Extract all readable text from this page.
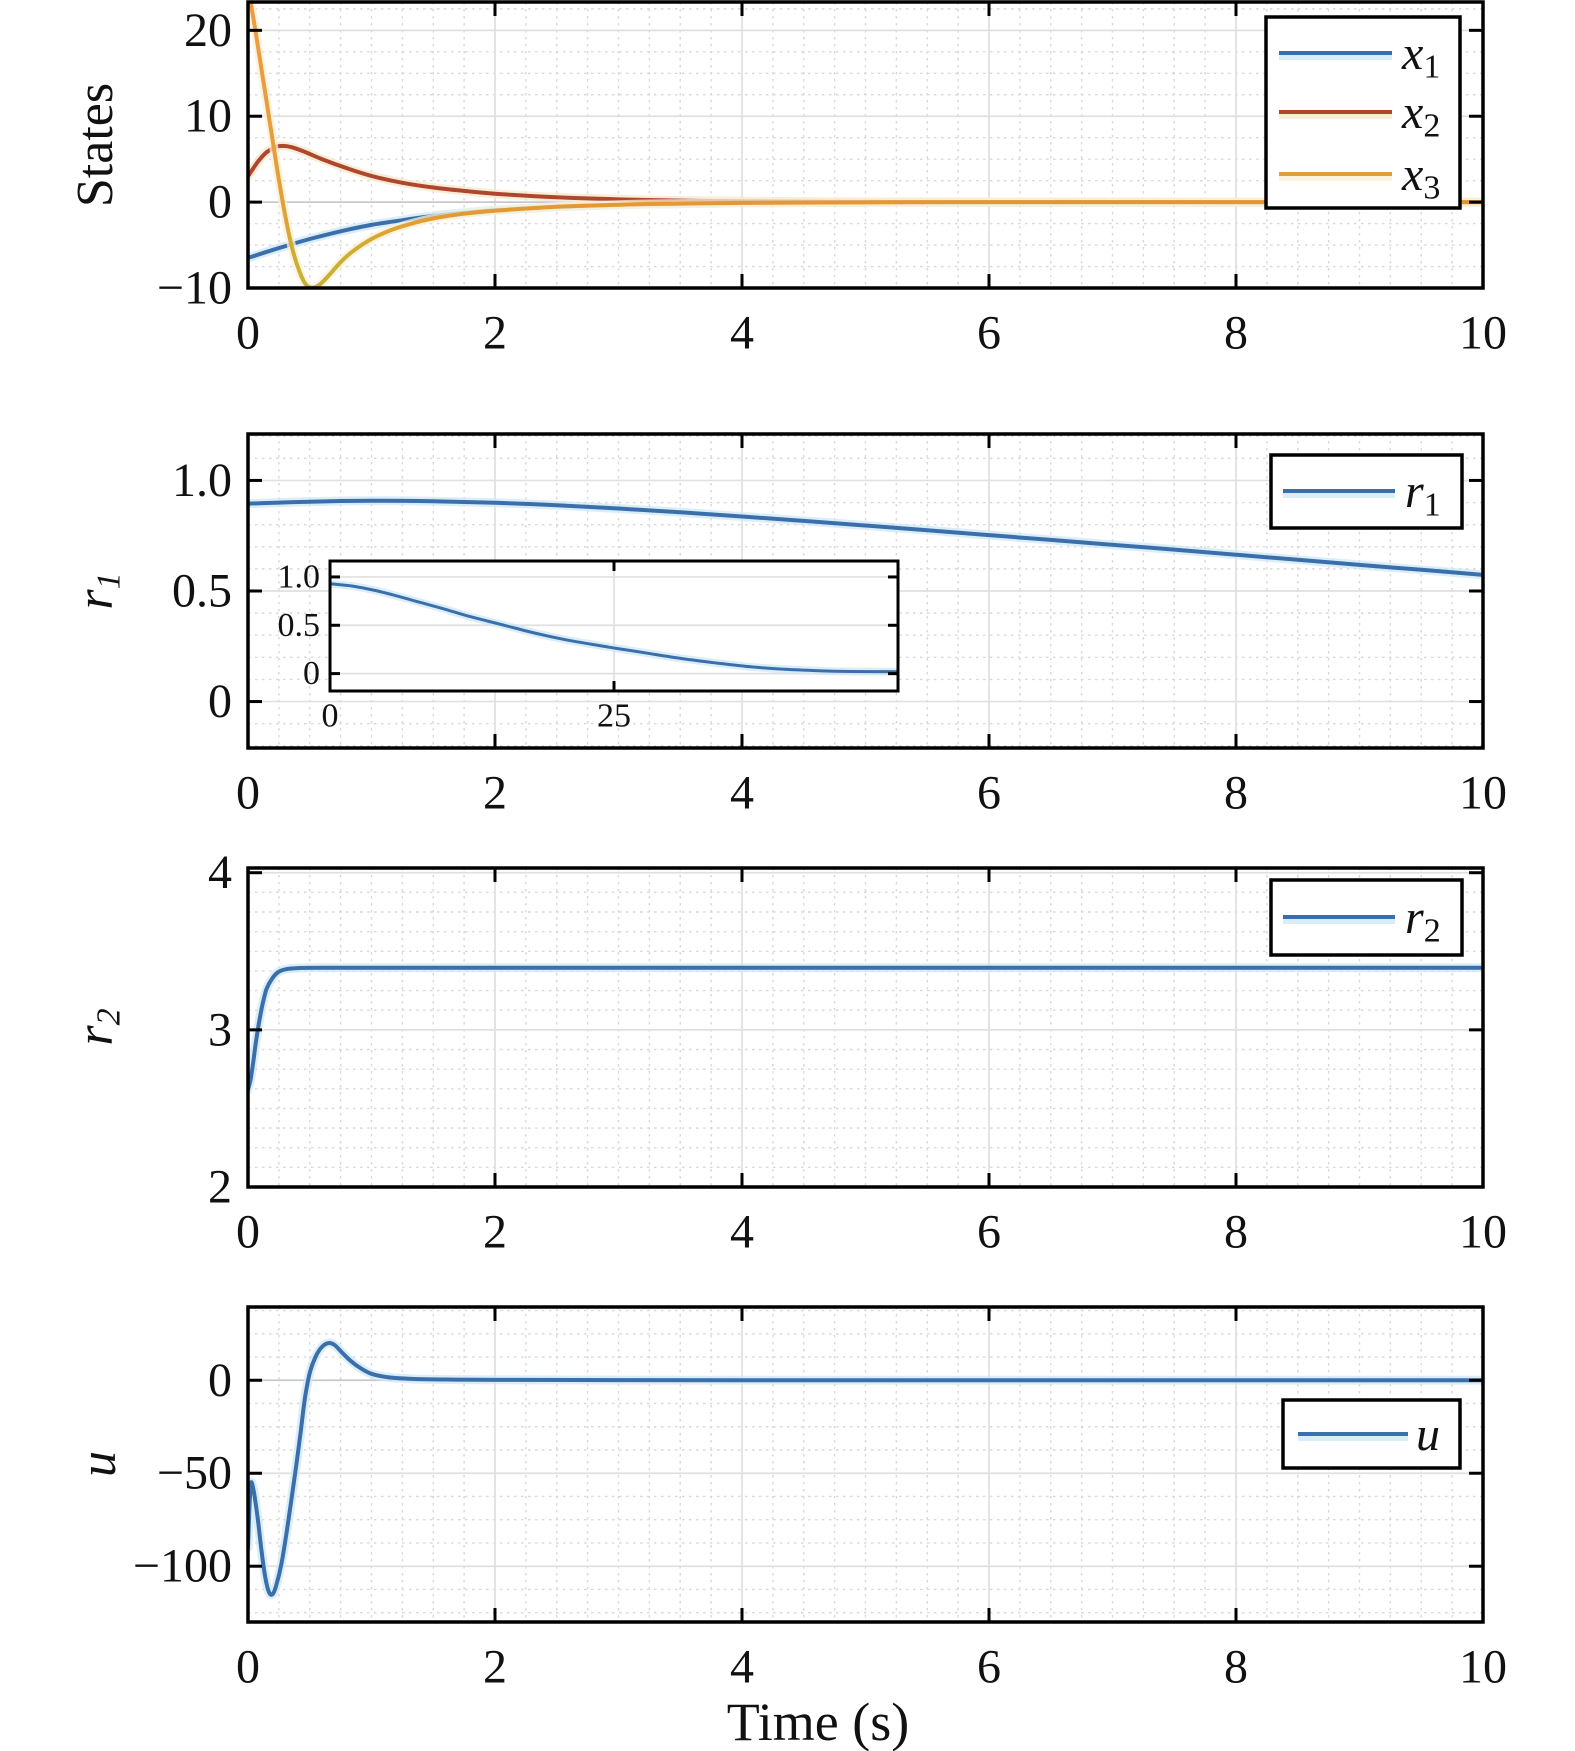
0	2	4	6	8	10
−10
0
10
20
States
$x_1$
$x_2$
$x_3$
0	2	4	6	8	10
0
0.5
1.0
$r_1$
0	25
0
0.5
1.0
$r_1$
0	2	4	6	8	10
2
3
4
$r_2$
$r_2$
0	2	4	6	8	10
−100
−50
0
u
u
Time (s)
